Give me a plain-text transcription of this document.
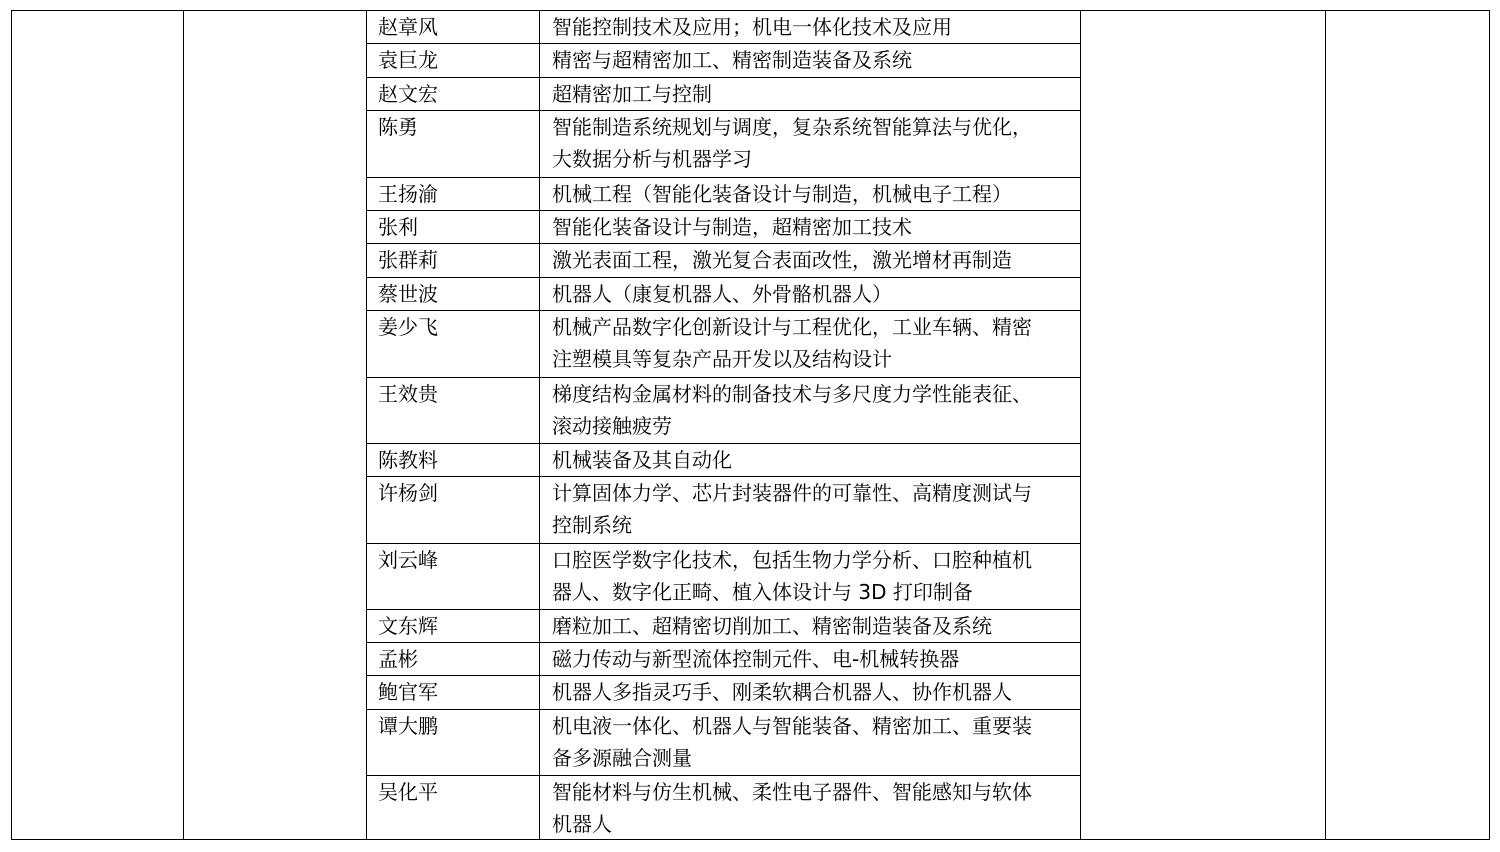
赵章风	智能控制技术及应用；机电一体化技术及应用
袁巨龙	精密与超精密加工、精密制造装备及系统
赵文宏	超精密加工与控制
陈勇	智能制造系统规划与调度，复杂系统智能算法与优化，
大数据分析与机器学习
王扬渝	机械工程（智能化装备设计与制造，机械电子工程）
张利	智能化装备设计与制造，超精密加工技术
张群莉	激光表面工程，激光复合表面改性，激光增材再制造
蔡世波	机器人（康复机器人、外骨骼机器人）
姜少飞	机械产品数字化创新设计与工程优化，工业车辆、精密
注塑模具等复杂产品开发以及结构设计
王效贵	梯度结构金属材料的制备技术与多尺度力学性能表征、
滚动接触疲劳
陈教料	机械装备及其自动化
许杨剑	计算固体力学、芯片封装器件的可靠性、高精度测试与
控制系统
刘云峰	口腔医学数字化技术，包括生物力学分析、口腔种植机
器人、数字化正畸、植入体设计与 3D 打印制备
文东辉	磨粒加工、超精密切削加工、精密制造装备及系统
孟彬	磁力传动与新型流体控制元件、电-机械转换器
鲍官军	机器人多指灵巧手、刚柔软耦合机器人、协作机器人
谭大鹏	机电液一体化、机器人与智能装备、精密加工、重要装
备多源融合测量
吴化平	智能材料与仿生机械、柔性电子器件、智能感知与软体
机器人
